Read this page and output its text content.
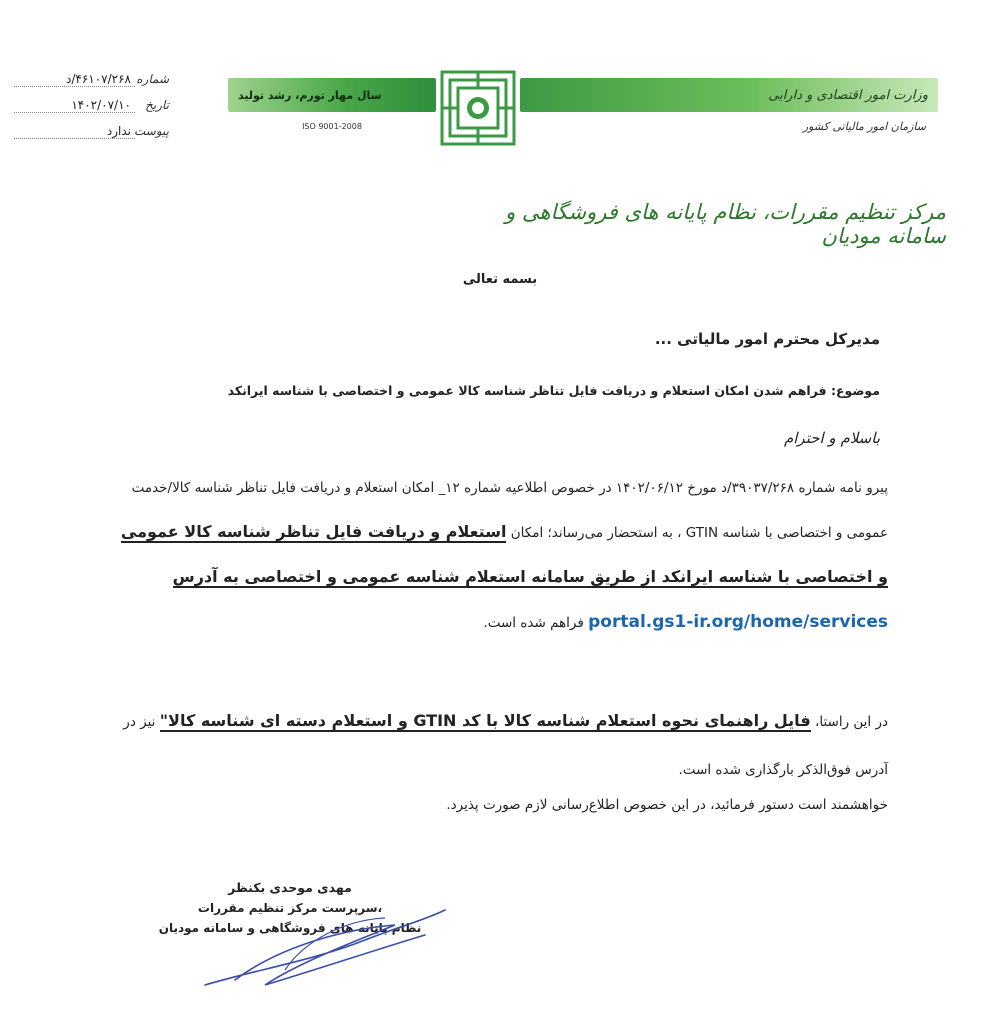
شماره
۴۶۱۰۷/۲۶۸/د
تاریخ
۱۴۰۲/۰۷/۱۰
پیوست
ندارد
سال مهار تورم، رشد تولید
ISO 9001-2008
وزارت امور اقتصادی و دارایی
سازمان امور مالیاتی کشور
مرکز تنظیم مقررات، نظام پایانه های فروشگاهی و سامانه مودیان
بسمه تعالی
مدیرکل محترم امور مالیاتی ...
موضوع: فراهم شدن امکان استعلام و دریافت فایل تناظر شناسه کالا عمومی و اختصاصی با شناسه ایرانکد
باسلام و احترام
پیرو نامه شماره ۳۹۰۳۷/۲۶۸/د مورخ ۱۴۰۲/۰۶/۱۲ در خصوص اطلاعیه شماره ۱۲_ امکان استعلام و دریافت فایل تناظر شناسه کالا/خدمت عمومی و اختصاصی با شناسه GTIN ، به استحضار می‌رساند؛ امکان استعلام و دریافت فایل تناظر شناسه کالا عمومی و اختصاصی با شناسه ایرانکد از طریق سامانه استعلام شناسه عمومی و اختصاصی به آدرس portal.gs1-ir.org/home/services فراهم شده است.
در این راستا، فایل راهنمای نحوه استعلام شناسه کالا با کد GTIN و استعلام دسته ای شناسه کالا" نیز در آدرس فوق‌الذکر بارگذاری شده است.
خواهشمند است دستور فرمائید، در این خصوص اطلاع‌رسانی لازم صورت پذیرد.
مهدی موحدی بکنظر
سرپرست مرکز تنظیم مقررات،
نظام پایانه های فروشگاهی و سامانه مودیان
